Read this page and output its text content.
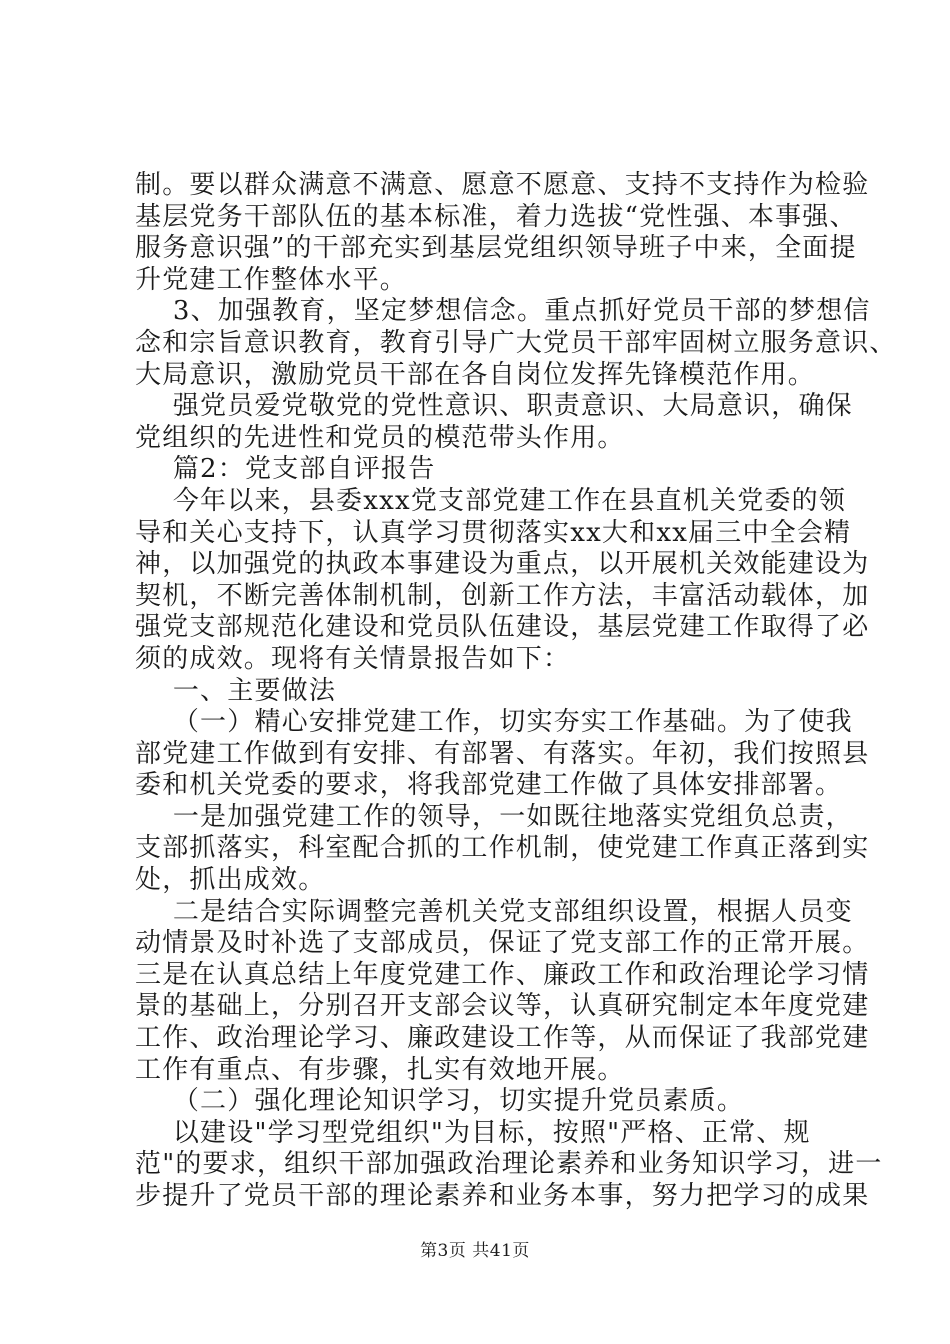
制。要以群众满意不满意、愿意不愿意、支持不支持作为检验
基层党务干部队伍的基本标准，着力选拔“党性强、本事强、
服务意识强”的干部充实到基层党组织领导班子中来，全面提
升党建工作整体水平。
3、加强教育，坚定梦想信念。重点抓好党员干部的梦想信
念和宗旨意识教育，教育引导广大党员干部牢固树立服务意识、
大局意识，激励党员干部在各自岗位发挥先锋模范作用。
强党员爱党敬党的党性意识、职责意识、大局意识，确保
党组织的先进性和党员的模范带头作用。
篇2：党支部自评报告
今年以来，县委xxx党支部党建工作在县直机关党委的领
导和关心支持下，认真学习贯彻落实xx大和xx届三中全会精
神，以加强党的执政本事建设为重点，以开展机关效能建设为
契机，不断完善体制机制，创新工作方法，丰富活动载体，加
强党支部规范化建设和党员队伍建设，基层党建工作取得了必
须的成效。现将有关情景报告如下：
一、主要做法
（一）精心安排党建工作，切实夯实工作基础。为了使我
部党建工作做到有安排、有部署、有落实。年初，我们按照县
委和机关党委的要求，将我部党建工作做了具体安排部署。
一是加强党建工作的领导，一如既往地落实党组负总责，
支部抓落实，科室配合抓的工作机制，使党建工作真正落到实
处，抓出成效。
二是结合实际调整完善机关党支部组织设置，根据人员变
动情景及时补选了支部成员，保证了党支部工作的正常开展。
三是在认真总结上年度党建工作、廉政工作和政治理论学习情
景的基础上，分别召开支部会议等，认真研究制定本年度党建
工作、政治理论学习、廉政建设工作等，从而保证了我部党建
工作有重点、有步骤，扎实有效地开展。
（二）强化理论知识学习，切实提升党员素质。
以建设"学习型党组织"为目标，按照"严格、正常、规
范"的要求，组织干部加强政治理论素养和业务知识学习，进一
步提升了党员干部的理论素养和业务本事，努力把学习的成果
第3页 共41页
